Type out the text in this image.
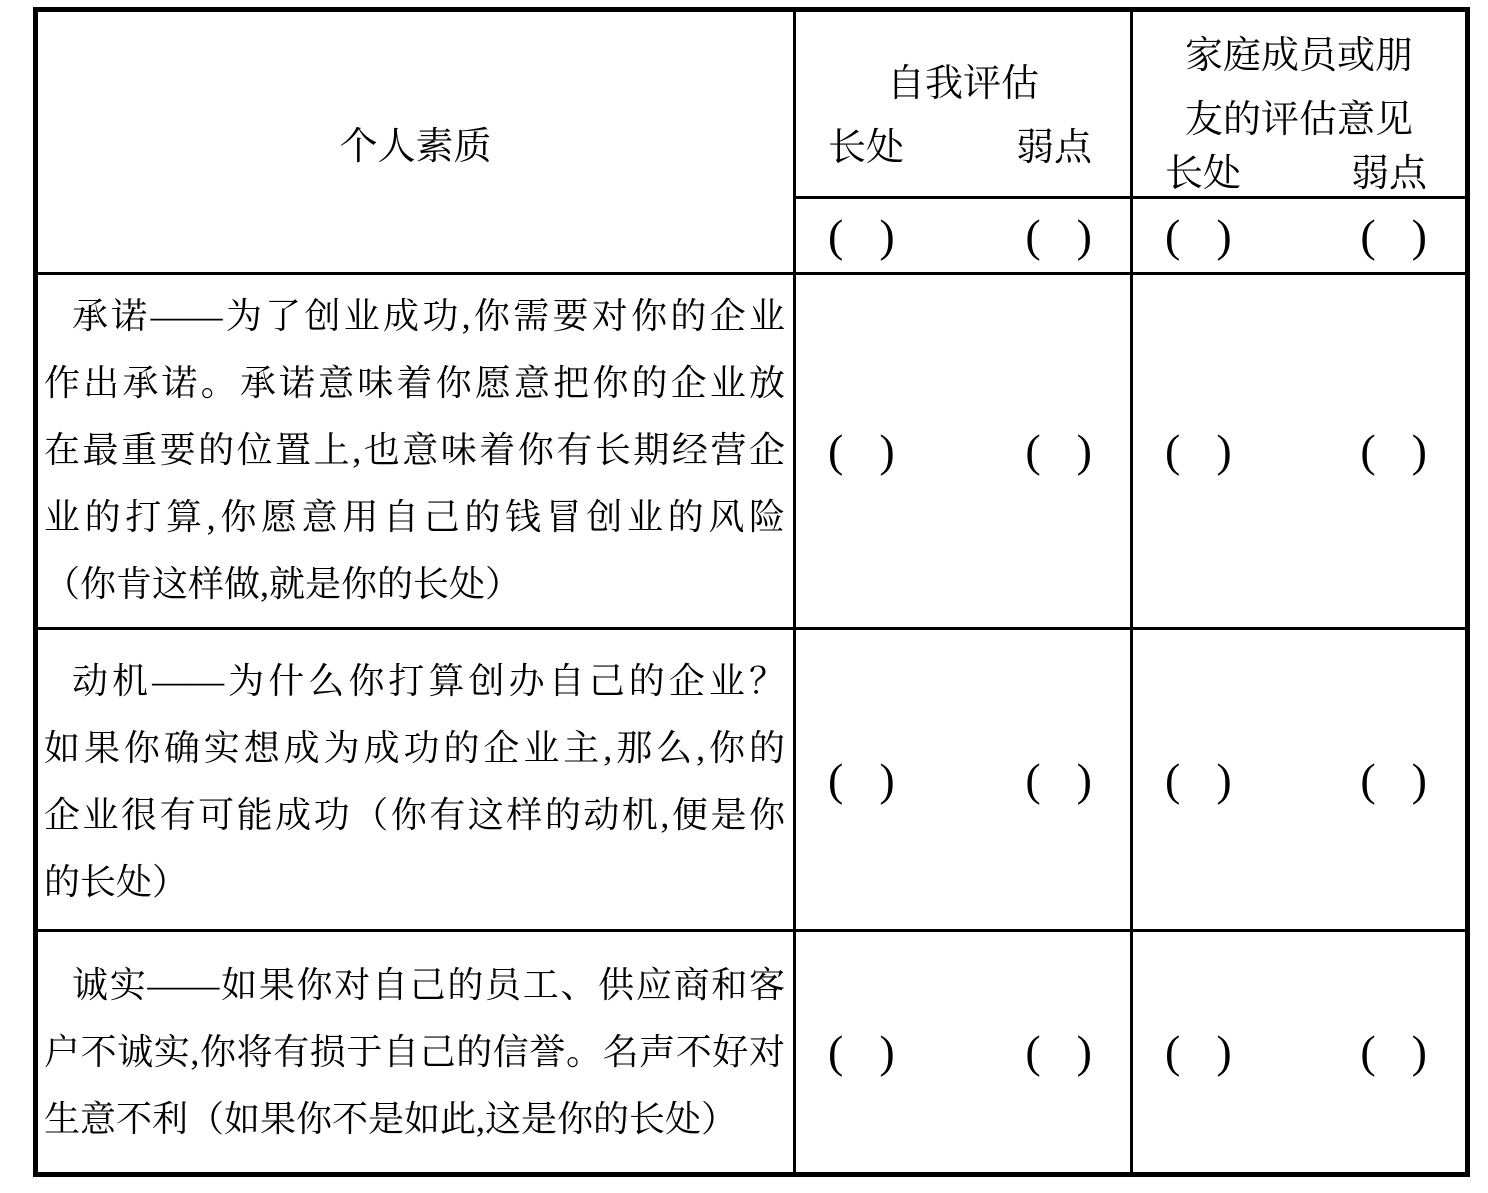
个人素质
自我评估
长处	弱点
( )	( )
家庭成员或朋
友的评估意见
长处	弱点
( )	( )
承诺——为了创业成功,你需要对你的企业
作出承诺。承诺意味着你愿意把你的企业放
在最重要的位置上,也意味着你有长期经营企
业的打算,你愿意用自己的钱冒创业的风险
（你肯这样做,就是你的长处）
( )	( ) ( )	( )
动机——为什么你打算创办自己的企业？
如果你确实想成为成功的企业主,那么,你的
企业很有可能成功（你有这样的动机,便是你
的长处）
( )	( ) ( )	( )
诚实——如果你对自己的员工、供应商和客
户不诚实,你将有损于自己的信誉。名声不好对
生意不利（如果你不是如此,这是你的长处）
( )	( ) ( )	( )
